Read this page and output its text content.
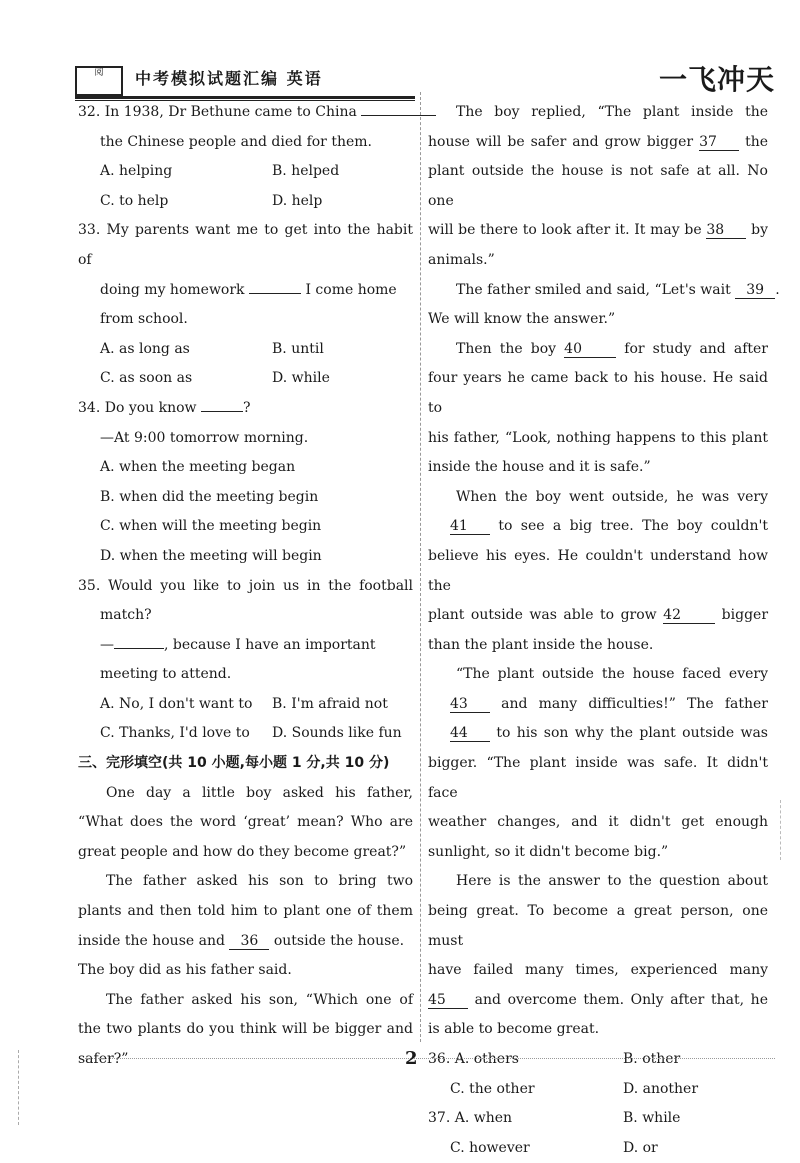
阅	中考模拟试题汇编 英语	一飞冲天
32. In 1938, Dr Bethune came to China
the Chinese people and died for them.
A. helping	B. helped
C. to help	D. help
33. My parents want me to get into the habit of
doing my homework	I come home
from school.
A. as long as	B. until
C. as soon as	D. while
34. Do you know	?
—At 9:00 tomorrow morning.
A. when the meeting began
B. when did the meeting begin
C. when will the meeting begin
D. when the meeting will begin
35. Would you like to join us in the football
match?
—	, because I have an important
meeting to attend.
A. No, I don't want to	B. I'm afraid not
C. Thanks, I'd love to	D. Sounds like fun
三、完形填空(共 10 小题,每小题 1 分,共 10 分)
One day a little boy asked his father,
“What does the word ‘great’ mean? Who are
great people and how do they become great?”
The father asked his son to bring two
plants and then told him to plant one of them
inside the house and 36 outside the house.
The boy did as his father said.
The father asked his son, “Which one of
the two plants do you think will be bigger and
safer?”
The boy replied, “The plant inside the
house will be safer and grow bigger 37 the
plant outside the house is not safe at all. No one
will be there to look after it. It may be 38 by
animals.”
The father smiled and said, “Let's wait 39 .
We will know the answer.”
Then the boy 40	for study and after
four years he came back to his house. He said to
his father, “Look, nothing happens to this plant
inside the house and it is safe.”
When the boy went outside, he was very
41 to see a big tree. The boy couldn't
believe his eyes. He couldn't understand how the
plant outside was able to grow 42	bigger
than the plant inside the house.
“The plant outside the house faced every
43 and many difficulties!” The father
44 to his son why the plant outside was
bigger. “The plant inside was safe. It didn't face
weather changes, and it didn't get enough
sunlight, so it didn't become big.”
Here is the answer to the question about
being great. To become a great person, one must
have failed many times, experienced many
45 and overcome them. Only after that, he
is able to become great.
36. A. others	B. other
C. the other	D. another
37. A. when	B. while
C. however	D. or
2
